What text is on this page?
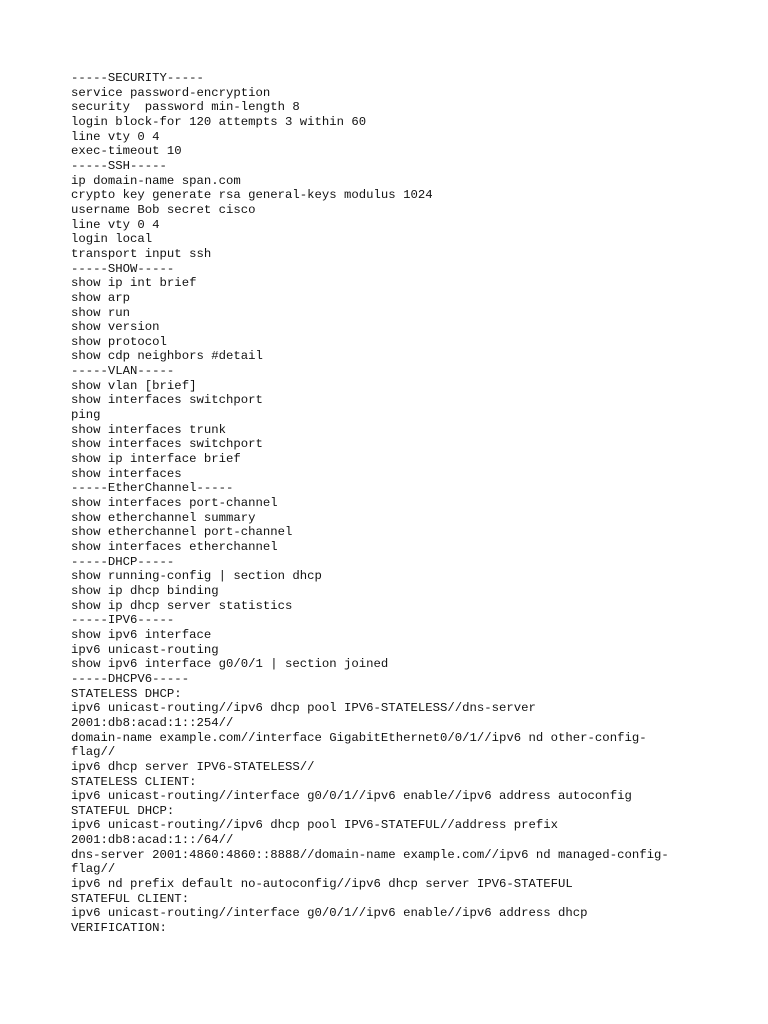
-----SECURITY-----
service password-encryption
security  password min-length 8
login block-for 120 attempts 3 within 60
line vty 0 4
exec-timeout 10
-----SSH-----
ip domain-name span.com
crypto key generate rsa general-keys modulus 1024
username Bob secret cisco
line vty 0 4
login local
transport input ssh
-----SHOW-----
show ip int brief
show arp
show run
show version
show protocol
show cdp neighbors #detail
-----VLAN-----
show vlan [brief]
show interfaces switchport
ping
show interfaces trunk
show interfaces switchport
show ip interface brief
show interfaces
-----EtherChannel-----
show interfaces port-channel
show etherchannel summary
show etherchannel port-channel
show interfaces etherchannel
-----DHCP-----
show running-config | section dhcp
show ip dhcp binding
show ip dhcp server statistics
-----IPV6-----
show ipv6 interface
ipv6 unicast-routing
show ipv6 interface g0/0/1 | section joined
-----DHCPV6-----
STATELESS DHCP:
ipv6 unicast-routing//ipv6 dhcp pool IPV6-STATELESS//dns-server
2001:db8:acad:1::254//
domain-name example.com//interface GigabitEthernet0/0/1//ipv6 nd other-config-
flag//
ipv6 dhcp server IPV6-STATELESS//
STATELESS CLIENT:
ipv6 unicast-routing//interface g0/0/1//ipv6 enable//ipv6 address autoconfig
STATEFUL DHCP:
ipv6 unicast-routing//ipv6 dhcp pool IPV6-STATEFUL//address prefix
2001:db8:acad:1::/64//
dns-server 2001:4860:4860::8888//domain-name example.com//ipv6 nd managed-config-
flag//
ipv6 nd prefix default no-autoconfig//ipv6 dhcp server IPV6-STATEFUL
STATEFUL CLIENT:
ipv6 unicast-routing//interface g0/0/1//ipv6 enable//ipv6 address dhcp
VERIFICATION:
